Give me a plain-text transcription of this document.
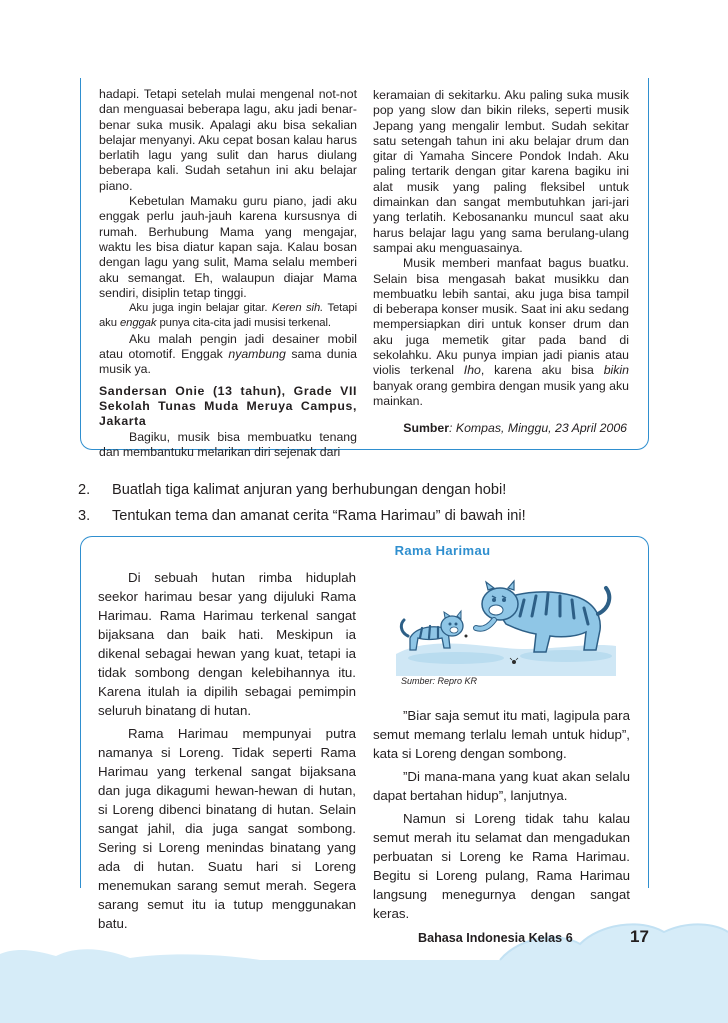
hadapi. Tetapi setelah mulai mengenal not-not dan menguasai beberapa lagu, aku jadi benar-benar suka musik. Apalagi aku bisa sekalian belajar menyanyi. Aku cepat bosan kalau harus berlatih lagu yang sulit dan harus diulang beberapa kali. Sudah setahun ini aku belajar piano.

Kebetulan Mamaku guru piano, jadi aku enggak perlu jauh-jauh karena kursusnya di rumah. Berhubung Mama yang mengajar, waktu les bisa diatur kapan saja. Kalau bosan dengan lagu yang sulit, Mama selalu memberi aku semangat. Eh, walaupun diajar Mama sendiri, disiplin tetap tinggi.

Aku juga ingin belajar gitar. Keren sih. Tetapi aku enggak punya cita-cita jadi musisi terkenal.

Aku malah pengin jadi desainer mobil atau otomotif. Enggak nyambung sama dunia musik ya.

Sandersan Onie (13 tahun), Grade VII Sekolah Tunas Muda Meruya Campus, Jakarta

Bagiku, musik bisa membuatku tenang dan membantuku melarikan diri sejenak dari

keramaian di sekitarku. Aku paling suka musik pop yang slow dan bikin rileks, seperti musik Jepang yang mengalir lembut. Sudah sekitar satu setengah tahun ini aku belajar drum dan gitar di Yamaha Sincere Pondok Indah. Aku paling tertarik dengan gitar karena bagiku ini alat musik yang paling fleksibel untuk dimainkan dan sangat membutuhkan jari-jari yang terlatih. Kebosananku muncul saat aku harus belajar lagu yang sama berulang-ulang sampai aku menguasainya.

Musik memberi manfaat bagus buatku. Selain bisa mengasah bakat musikku dan membuatku lebih santai, aku juga bisa tampil di beberapa konser musik. Saat ini aku sedang mempersiapkan diri untuk konser drum dan aku juga memetik gitar pada band di sekolahku. Aku punya impian jadi pianis atau violis terkenal Iho, karena aku bisa bikin banyak orang gembira dengan musik yang aku mainkan.

Sumber: Kompas, Minggu, 23 April 2006

2. Buatlah tiga kalimat anjuran yang berhubungan dengan hobi!
3. Tentukan tema dan amanat cerita “Rama Harimau” di bawah ini!
Rama Harimau

Di sebuah hutan rimba hiduplah seekor harimau besar yang dijuluki Rama Harimau. Rama Harimau terkenal sangat bijaksana dan baik hati. Meskipun ia dikenal sebagai hewan yang kuat, tetapi ia tidak sombong dengan kelebihannya itu. Karena itulah ia dipilih sebagai pemimpin seluruh binatang di hutan.

Rama Harimau mempunyai putra namanya si Loreng. Tidak seperti Rama Harimau yang terkenal sangat bijaksana dan juga dikagumi hewan-hewan di hutan, si Loreng dibenci binatang di hutan. Selain sangat jahil, dia juga sangat sombong. Sering si Loreng menindas binatang yang ada di hutan. Suatu hari si Loreng menemukan sarang semut merah. Segera sarang semut itu ia tutup menggunakan batu.

Sumber: Repro KR

”Biar saja semut itu mati, lagipula para semut memang terlalu lemah untuk hidup”, kata si Loreng dengan sombong.

”Di mana-mana yang kuat akan selalu dapat bertahan hidup”, lanjutnya.

Namun si Loreng tidak tahu kalau semut merah itu selamat dan mengadukan perbuatan si Loreng ke Rama Harimau. Begitu si Loreng pulang, Rama Harimau langsung menegurnya dengan sangat keras.

Bahasa Indonesia Kelas 6	17
